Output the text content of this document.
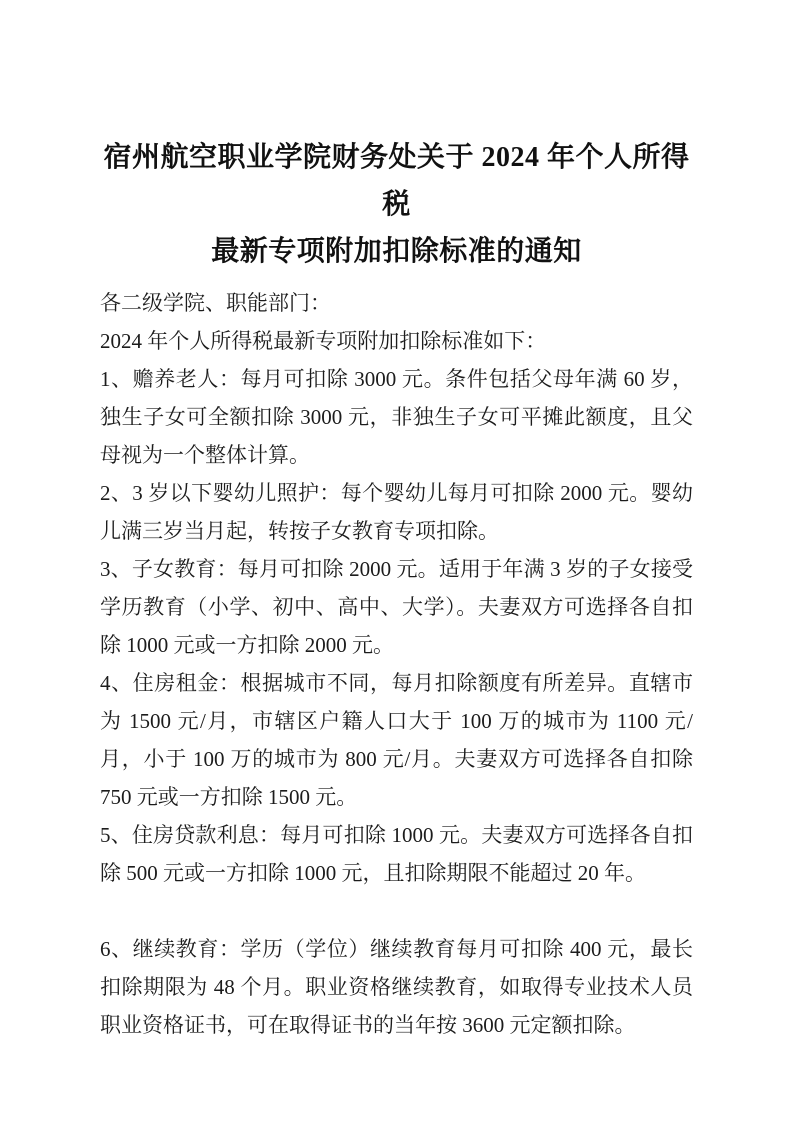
宿州航空职业学院财务处关于 2024 年个人所得税
最新专项附加扣除标准的通知

各二级学院、职能部门：

2024 年个人所得税最新专项附加扣除标准如下：

1、赡养老人：每月可扣除 3000 元。条件包括父母年满 60 岁，独生子女可全额扣除 3000 元，非独生子女可平摊此额度，且父母视为一个整体计算。

2、3 岁以下婴幼儿照护：每个婴幼儿每月可扣除 2000 元。婴幼儿满三岁当月起，转按子女教育专项扣除。

3、子女教育：每月可扣除 2000 元。适用于年满 3 岁的子女接受学历教育（小学、初中、高中、大学）。夫妻双方可选择各自扣除 1000 元或一方扣除 2000 元。

4、住房租金：根据城市不同，每月扣除额度有所差异。直辖市为 1500 元/月，市辖区户籍人口大于 100 万的城市为 1100 元/月，小于 100 万的城市为 800 元/月。夫妻双方可选择各自扣除 750 元或一方扣除 1500 元。

5、住房贷款利息：每月可扣除 1000 元。夫妻双方可选择各自扣除 500 元或一方扣除 1000 元，且扣除期限不能超过 20 年。

6、继续教育：学历（学位）继续教育每月可扣除 400 元，最长扣除期限为 48 个月。职业资格继续教育，如取得专业技术人员职业资格证书，可在取得证书的当年按 3600 元定额扣除。
